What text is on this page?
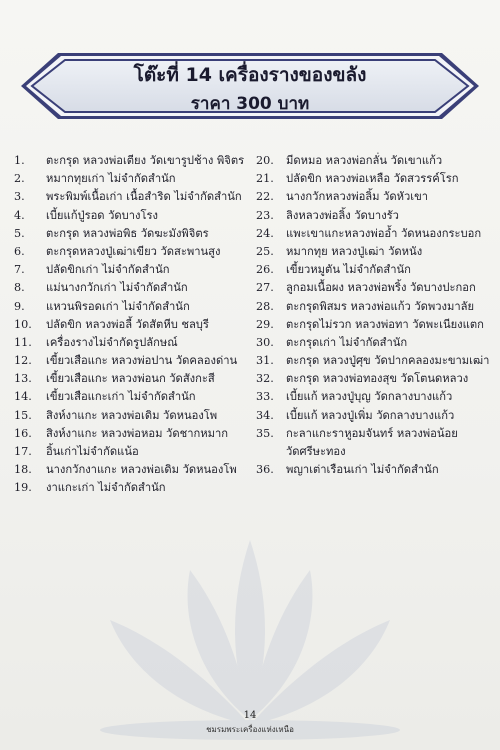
โต๊ะที่ 14 เครื่องรางของขลัง
ราคา 300 บาท
1.	ตะกรุด หลวงพ่อเตียง วัดเขารูปช้าง พิจิตร
2.	หมากทุยเก่า ไม่จำกัดสำนัก
3.	พระพิมพ์เนื้อเก่า เนื้อสำริด ไม่จำกัดสำนัก
4.	เบี้ยแก้ปู่รอด วัดบางโรง
5.	ตะกรุด หลวงพ่อพิธ วัดฆะมังพิจิตร
6.	ตะกรุดหลวงปู่เฒ่าเขียว วัดสะพานสูง
7.	ปลัดขิกเก่า ไม่จำกัดสำนัก
8.	แม่นางกวักเก่า ไม่จำกัดสำนัก
9.	แหวนพิรอดเก่า ไม่จำกัดสำนัก
10.	ปลัดขิก หลวงพ่อลี้ วัดสัตหีบ ชลบุรี
11.	เครื่องรางไม่จำกัดรูปลักษณ์
12.	เขี้ยวเสือแกะ หลวงพ่อปาน วัดคลองด่าน
13.	เขี้ยวเสือแกะ หลวงพ่อนก วัดสังกะสี
14.	เขี้ยวเสือแกะเก่า ไม่จำกัดสำนัก
15.	สิงห์งาแกะ หลวงพ่อเดิม วัดหนองโพ
16.	สิงห์งาแกะ หลวงพ่อหอม วัดชากหมาก
17.	อิ้นเก่าไม่จำกัดแน้อ
18.	นางกวักงาแกะ หลวงพ่อเดิม วัดหนองโพ
19.	งาแกะเก่า ไม่จำกัดสำนัก
20.	มีดหมอ หลวงพ่อกลั่น วัดเขาแก้ว
21.	ปลัดขิก หลวงพ่อเหลือ วัดสวรรค์โรก
22.	นางกวักหลวงพ่อลิ้ม วัดหัวเขา
23.	ลิงหลวงพ่อลิ้ง วัดบางรัว
24.	แพะเขาแกะหลวงพ่ออ้ำ วัดหนองกระบอก
25.	หมากทุย หลวงปู่เฒ่า วัดหนัง
26.	เขี้ยวหมูตัน ไม่จำกัดสำนัก
27.	ลูกอมเนื้อผง หลวงพ่อพริ้ง วัดบางปะกอก
28.	ตะกรุดพิสมร หลวงพ่อแก้ว วัดพวงมาลัย
29.	ตะกรุดไม่รวก หลวงพ่อทา วัดพะเนียงแตก
30.	ตะกรุดเก่า ไม่จำกัดสำนัก
31.	ตะกรุด หลวงปู่ศุข วัดปากคลองมะขามเฒ่า
32.	ตะกรุด หลวงพ่อทองสุข วัดโตนดหลวง
33.	เบี้ยแก้ หลวงปู่บุญ วัดกลางบางแก้ว
34.	เบี้ยแก้ หลวงปู่เพิ่ม วัดกลางบางแก้ว
35.	กะลาแกะราหูอมจันทร์ หลวงพ่อน้อย
วัดศรีษะทอง
36.	พญาเต่าเรือนเก่า ไม่จำกัดสำนัก
14
ชมรมพระเครื่องแห่งเหนือ
